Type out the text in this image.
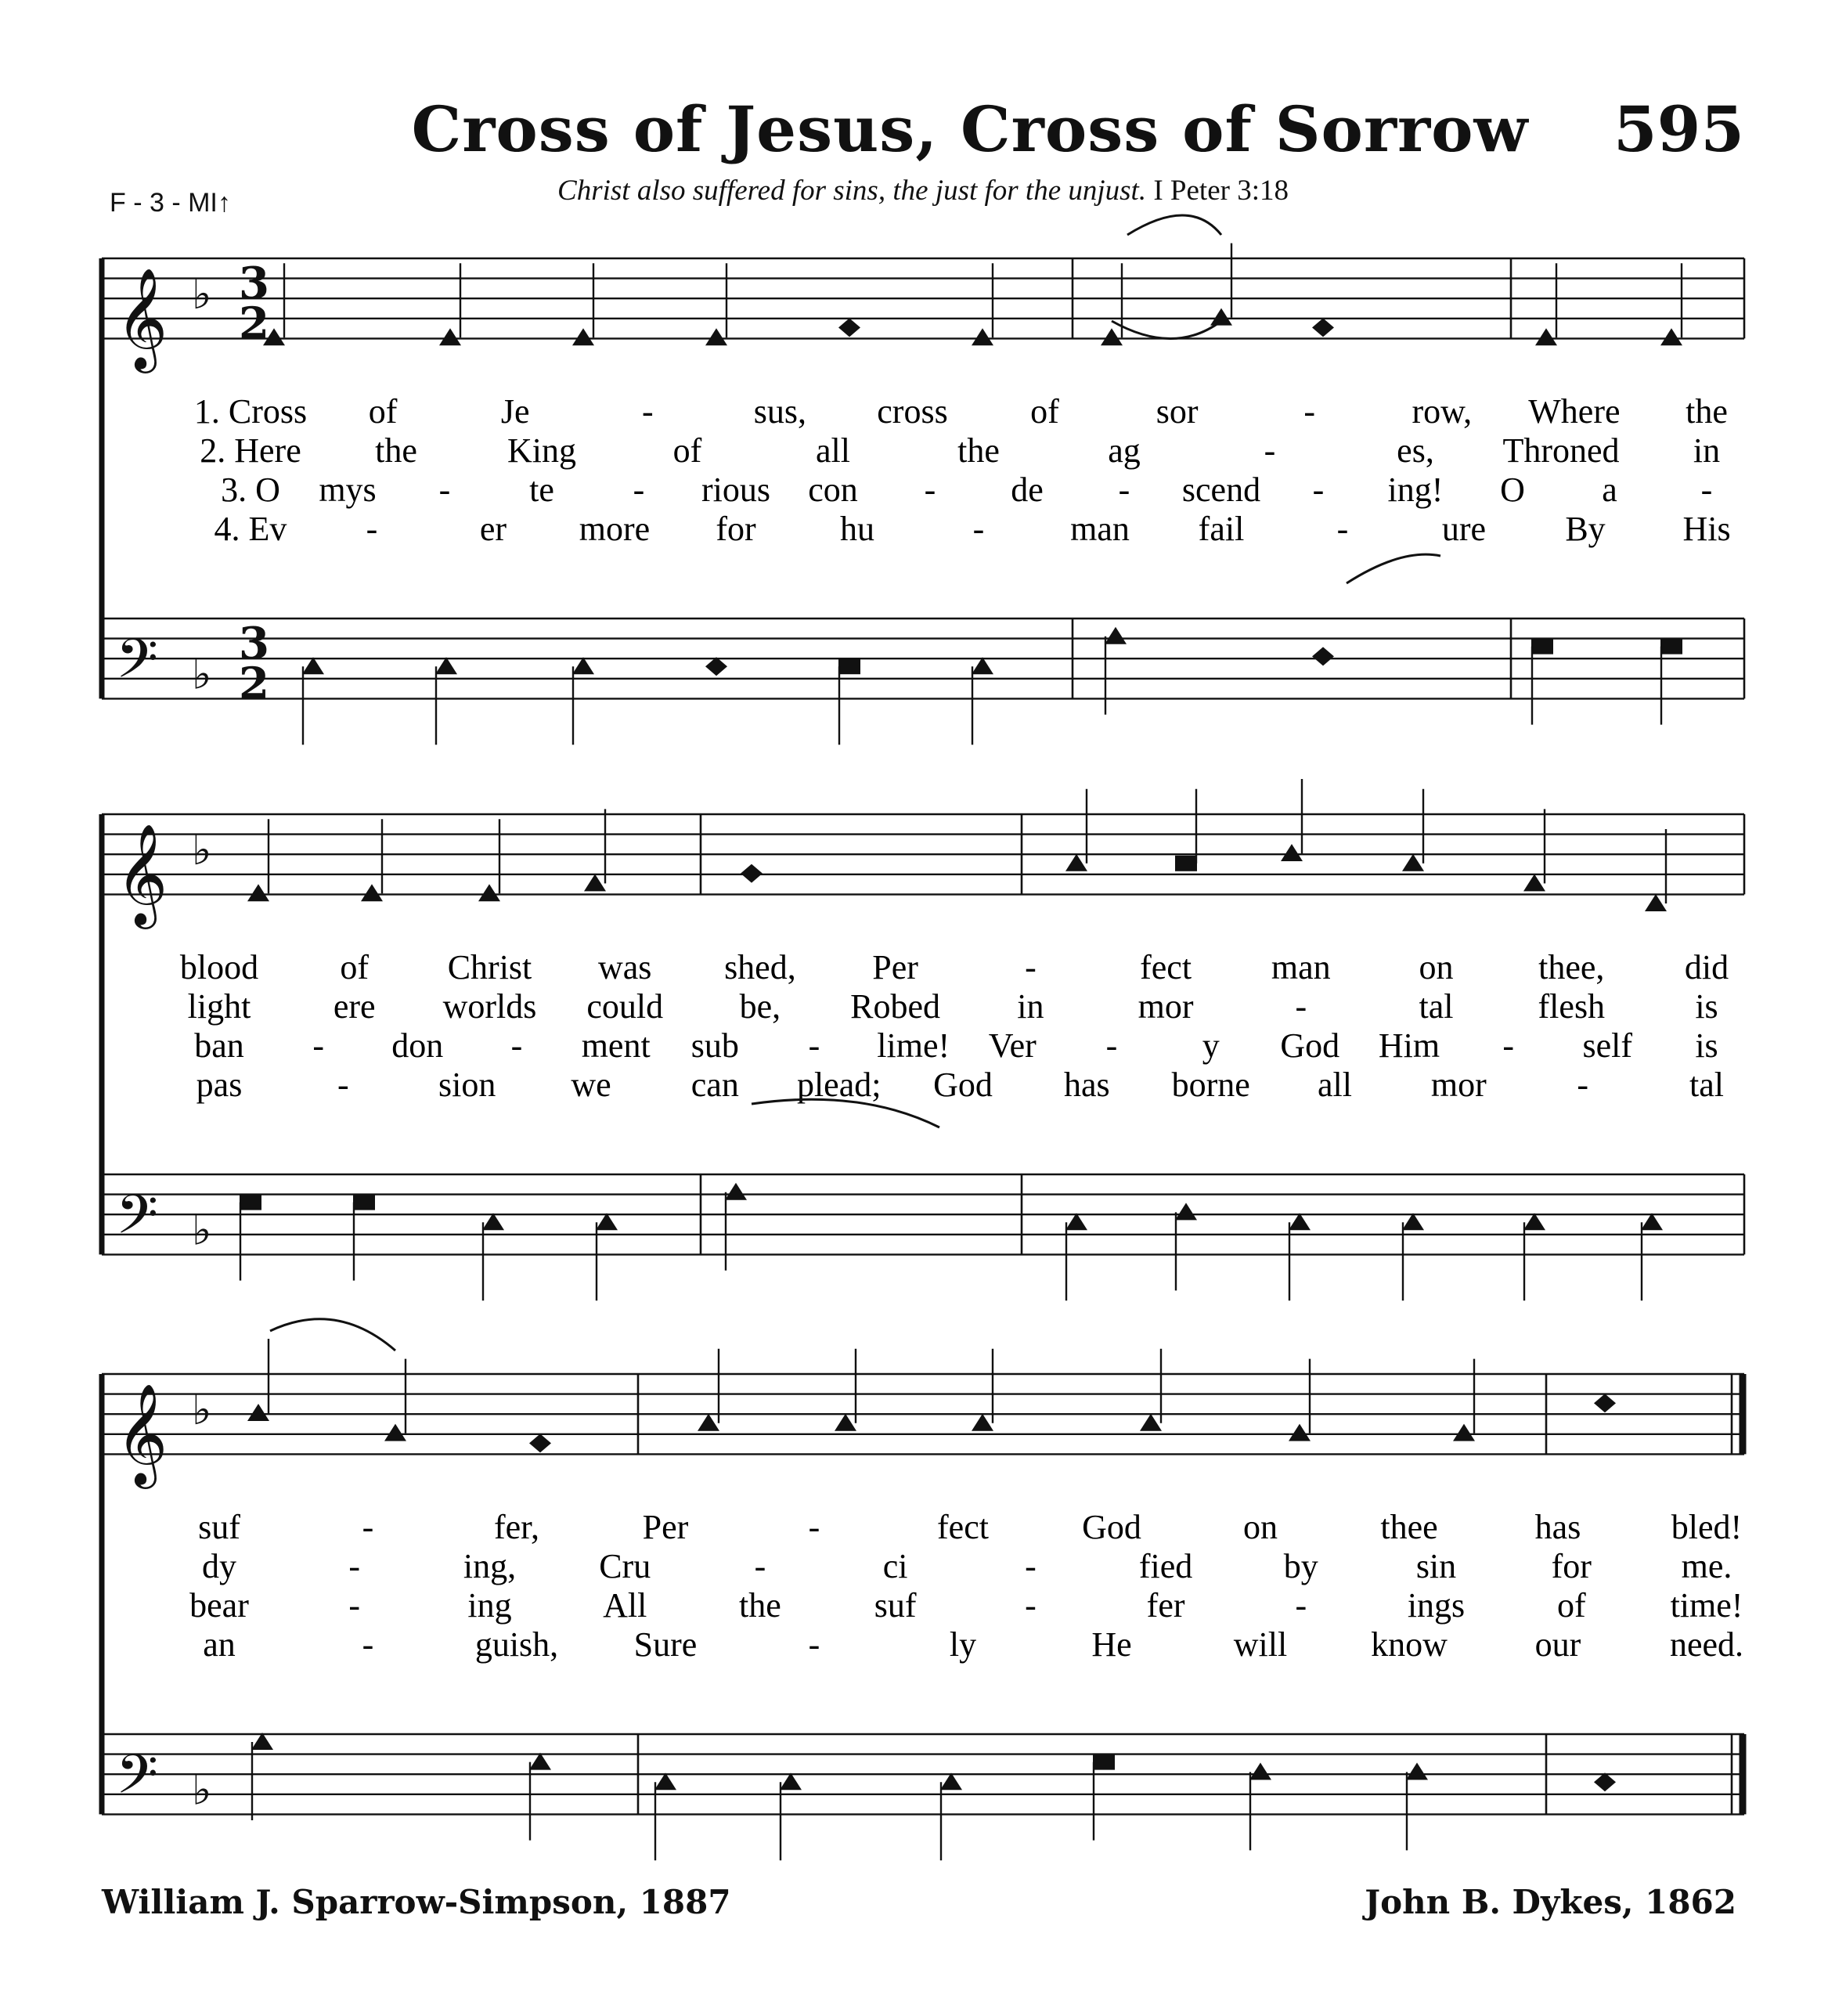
Cross of Jesus, Cross of Sorrow	595
Christ also suffered for sins, the just for the unjust. I Peter 3:18
F - 3 - MI↑
𝄞 ♭ 3
2
𝄢 ♭
3
2
1. Cross of	Je	-	sus, cross of	sor	-	row, Where the
2. Here the	King	of	all	the	ag	-	es, Throned in
3. O mys - te - rious con - de - scend - ing! O a -
4. Ev -	er more for hu	- man fail	-	ure By His
𝄞 ♭
𝄢 ♭
blood of Christ was shed, Per	-	fect man	on thee, did
light ere worlds could be, Robed in	mor	-	tal flesh	is
ban - don - ment sub - lime! Ver - y God Him - self is
pas	-	sion we can plead; God has borne all mor	-	tal
𝄞 ♭
𝄢 ♭
suf	-	fer,	Per	-	fect	God	on	thee	has	bled!
dy	-	ing, Cru	-	ci	-	fied	by	sin	for	me.
bear	-	ing	All	the	suf	-	fer	-	ings	of time!
an	-	guish, Sure	-	ly	He	will know	our	need.
William J. Sparrow-Simpson, 1887	John B. Dykes, 1862
